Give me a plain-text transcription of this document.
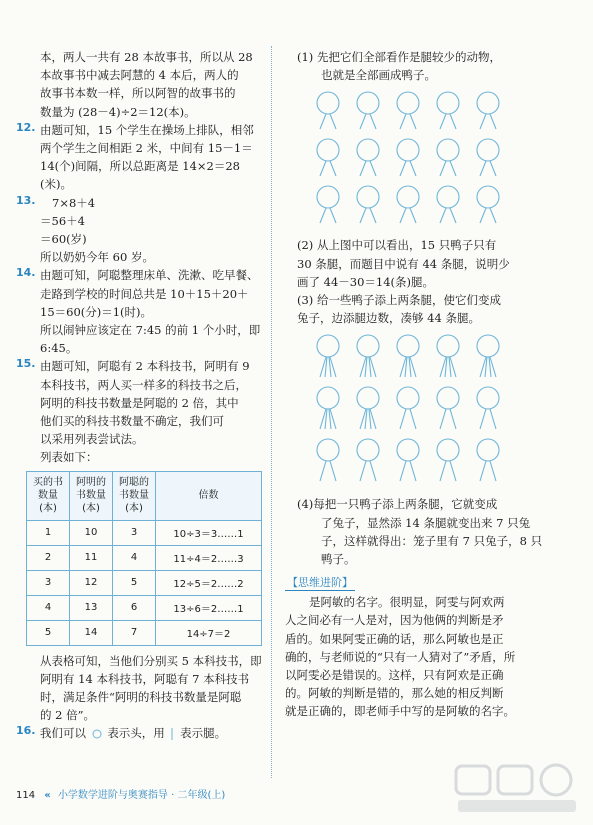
本，两人一共有 28 本故事书，所以从 28

本故事书中减去阿慧的 4 本后，两人的

故事书本数一样，所以阿智的故事书的

数量为 (28－4)÷2＝12(本)。

12. 由题可知，15 个学生在操场上排队，相邻

两个学生之间相距 2 米，中间有 15－1＝

14(个)间隔，所以总距离是 14×2＝28

(米)。

13.	7×8＋4

＝56＋4

＝60(岁)

所以奶奶今年 60 岁。

14. 由题可知，阿聪整理床单、洗漱、吃早餐、

走路到学校的时间总共是 10＋15＋20＋

15＝60(分)＝1(时)。

所以闹钟应该定在 7:45 的前 1 个小时，即

6:45。

15. 由题可知，阿聪有 2 本科技书，阿明有 9

本科技书，两人买一样多的科技书之后，

阿明的科技书数量是阿聪的 2 倍，其中

他们买的科技书数量不确定，我们可

以采用列表尝试法。

列表如下：

买的书
数量
(本)	阿明的
书数量
(本)	阿聪的
书数量
(本)	倍数
1	10	3	10÷3＝3……1
2	11	4	11÷4＝2……3
3	12	5	12÷5＝2……2
4	13	6	13÷6＝2……1
5	14	7	14÷7＝2

从表格可知，当他们分别买 5 本科技书，即

阿明有 14 本科技书，阿聪有 7 本科技书

时，满足条件“阿明的科技书数量是阿聪

的 2 倍”。

16. 我们可以 表示头，用 表示腿。

(1) 先把它们全部看作是腿较少的动物，

也就是全部画成鸭子。

(2) 从上图中可以看出，15 只鸭子只有

30 条腿，而题目中说有 44 条腿，说明少

画了 44－30＝14(条)腿。

(3) 给一些鸭子添上两条腿，使它们变成

兔子，边添腿边数，凑够 44 条腿。

(4)每把一只鸭子添上两条腿，它就变成

了兔子，显然添 14 条腿就变出来 7 只兔

子，这样就得出：笼子里有 7 只兔子，8 只

鸭子。

【思维进阶】

是阿敏的名字。很明显，阿雯与阿欢两

人之间必有一人是对，因为他俩的判断是矛

盾的。如果阿雯正确的话，那么阿敏也是正

确的，与老师说的“只有一人猜对了”矛盾，所

以阿雯必是错误的。这样，只有阿欢是正确

的。阿敏的判断是错的，那么她的相反判断

就是正确的，即老师手中写的是阿敏的名字。

114 « 小学数学进阶与奥赛指导 · 二年级(上)
